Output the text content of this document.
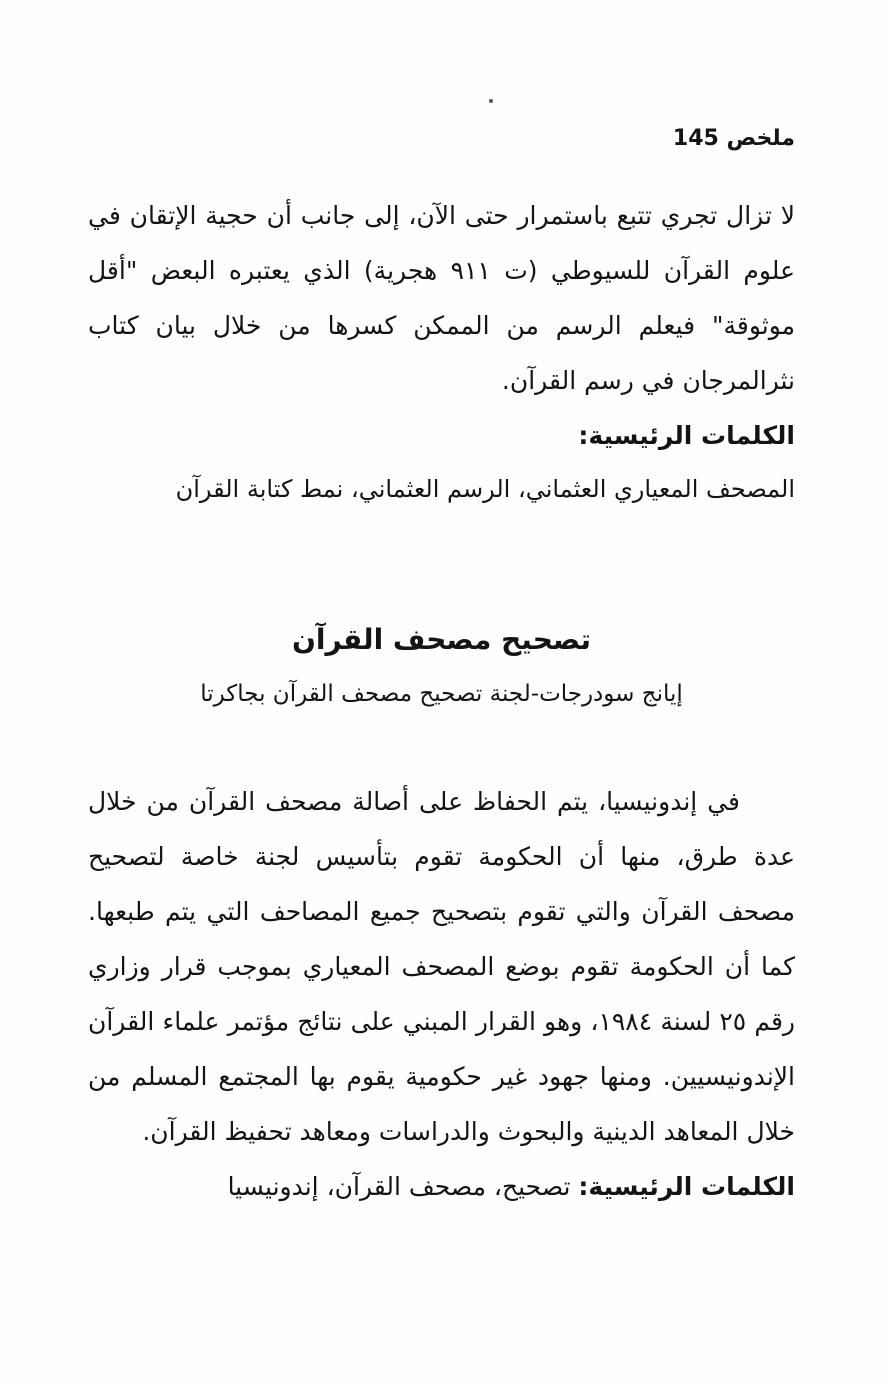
ملخص 145

لا تزال تجري تتبع باستمرار حتى الآن، إلى جانب أن حجية الإتقان في علوم القرآن للسيوطي (ت ٩١١ هجرية) الذي يعتبره البعض "أقل موثوقة" فيعلم الرسم من الممكن كسرها من خلال بيان كتاب نثرالمرجان في رسم القرآن.

الكلمات الرئيسية:

المصحف المعياري العثماني، الرسم العثماني، نمط كتابة القرآن

تصحيح مصحف القرآن

إيانج سودرجات-لجنة تصحيح مصحف القرآن بجاكرتا

في إندونيسيا، يتم الحفاظ على أصالة مصحف القرآن من خلال عدة طرق، منها أن الحكومة تقوم بتأسيس لجنة خاصة لتصحيح مصحف القرآن والتي تقوم بتصحيح جميع المصاحف التي يتم طبعها. كما أن الحكومة تقوم بوضع المصحف المعياري بموجب قرار وزاري رقم ٢٥ لسنة ١٩٨٤، وهو القرار المبني على نتائج مؤتمر علماء القرآن الإندونيسيين. ومنها جهود غير حكومية يقوم بها المجتمع المسلم من خلال المعاهد الدينية والبحوث والدراسات ومعاهد تحفيظ القرآن.

الكلمات الرئيسية: تصحيح، مصحف القرآن، إندونيسيا
